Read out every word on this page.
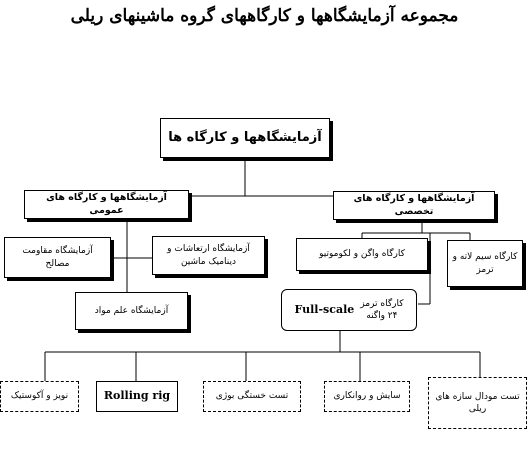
مجموعه آزمایشگاهها و کارگاههای گروه ماشینهای ریلی
آزمایشگاهها و کارگاه ها
آزمایشگاهها و کارگاه های عمومی
آزمایشگاهها و کارگاه های تخصصی
آزمایشگاه مقاومت مصالح
آزمایشگاه ارتعاشات و دینامیک ماشین
آزمایشگاه علم مواد
کارگاه واگن و لکوموتیو	کارگاه سیم لاته و ترمز
کارگاه ترمز
۲۴ واگنه
Full-scale
تست مودال سازه های ریلی
سایش و روانکاری
تست خستگی بوژی
Rolling rig
نویز و آکوستیک
